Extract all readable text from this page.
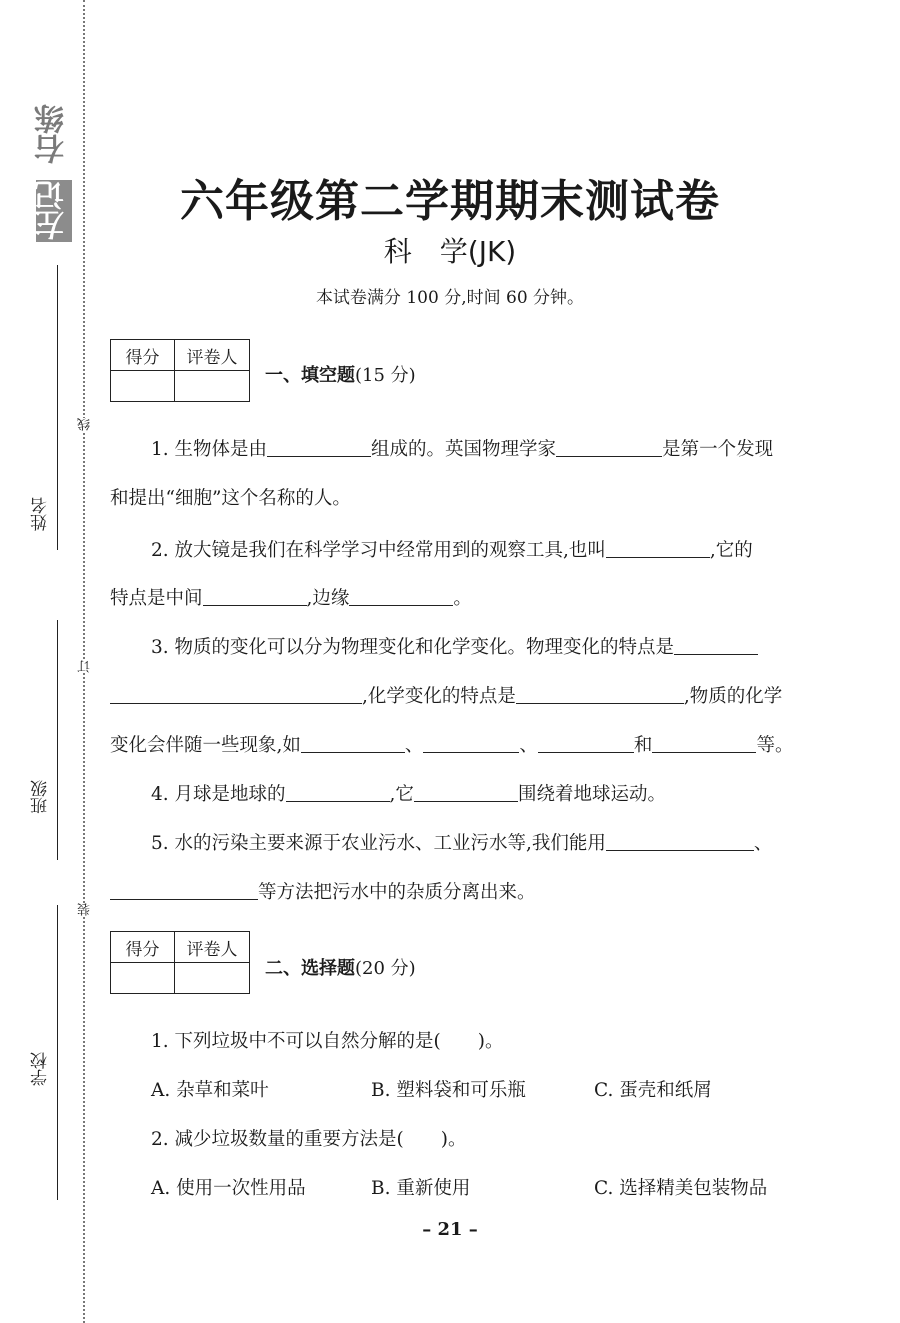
左记
右练
姓名
班级
学校
线
订
装
六年级第二学期期末测试卷
科　学(JK)
本试卷满分 100 分,时间 60 分钟。
得分	评卷人

一、填空题(15 分)
1. 生物体是由	组成的。英国物理学家	是第一个发现
和提出“细胞”这个名称的人。
2. 放大镜是我们在科学学习中经常用到的观察工具,也叫	,它的
特点是中间	,边缘	。
3. 物质的变化可以分为物理变化和化学变化。物理变化的特点是
,化学变化的特点是	,物质的化学
变化会伴随一些现象,如	、	、	和	等。
4. 月球是地球的	,它	围绕着地球运动。
5. 水的污染主要来源于农业污水、工业污水等,我们能用	、
等方法把污水中的杂质分离出来。
得分	评卷人

二、选择题(20 分)
1. 下列垃圾中不可以自然分解的是(　　)。
A. 杂草和菜叶	B. 塑料袋和可乐瓶	C. 蛋壳和纸屑
2. 减少垃圾数量的重要方法是(　　)。
A. 使用一次性用品	B. 重新使用	C. 选择精美包装物品
– 21 –
